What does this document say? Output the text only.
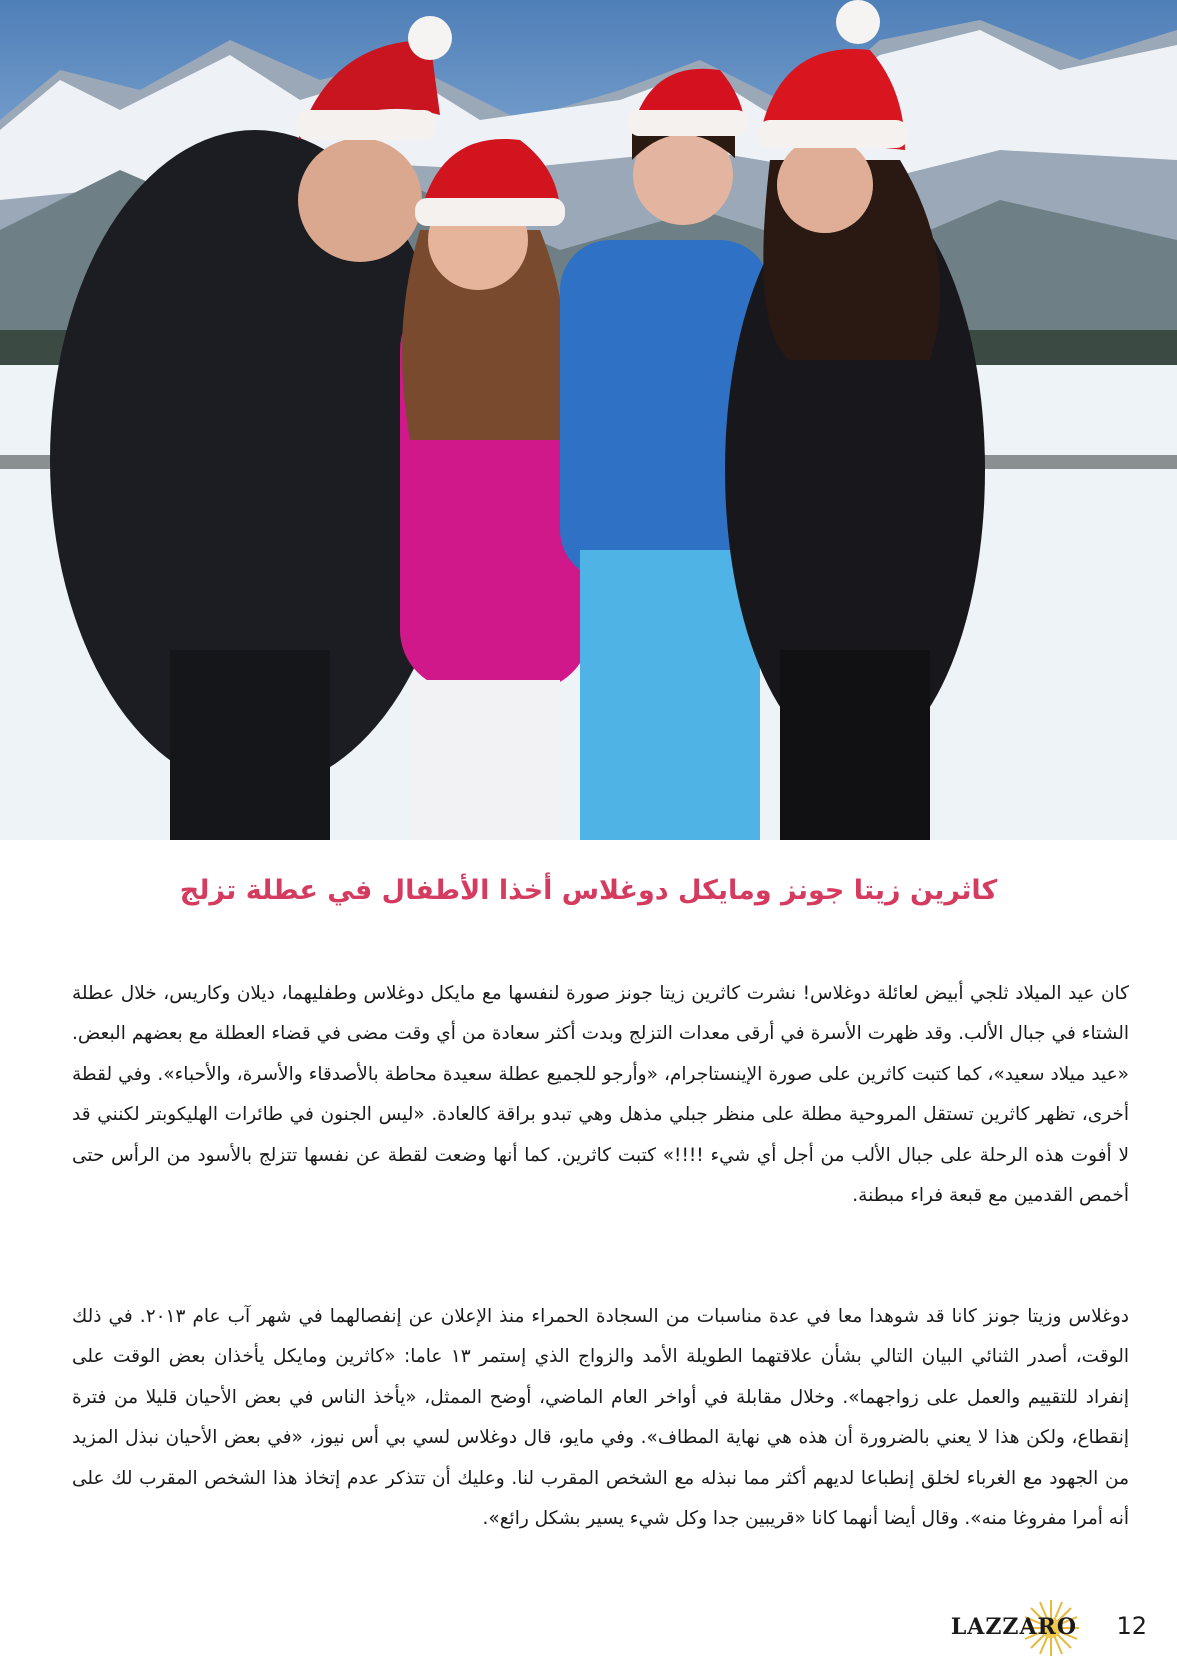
كاثرين زيتا جونز ومايكل دوغلاس أخذا الأطفال في عطلة تزلج

كان عيد الميلاد ثلجي أبيض لعائلة دوغلاس! نشرت كاثرين زيتا جونز صورة لنفسها مع مايكل دوغلاس وطفليهما، ديلان وكاريس، خلال عطلة الشتاء في جبال الألب. وقد ظهرت الأسرة في أرقى معدات التزلج وبدت أكثر سعادة من أي وقت مضى في قضاء العطلة مع بعضهم البعض. «عيد ميلاد سعيد»، كما كتبت كاثرين على صورة الإينستاجرام، «وأرجو للجميع عطلة سعيدة محاطة بالأصدقاء والأسرة، والأحباء». وفي لقطة أخرى، تظهر كاثرين تستقل المروحية مطلة على منظر جبلي مذهل وهي تبدو براقة كالعادة. «ليس الجنون في طائرات الهليكوبتر لكنني قد لا أفوت هذه الرحلة على جبال الألب من أجل أي شيء !!!!» كتبت كاثرين. كما أنها وضعت لقطة عن نفسها تتزلج بالأسود من الرأس حتى أخمص القدمين مع قبعة فراء مبطنة.

دوغلاس وزيتا جونز كانا قد شوهدا معا في عدة مناسبات من السجادة الحمراء منذ الإعلان عن إنفصالهما في شهر آب عام ٢٠١٣. في ذلك الوقت، أصدر الثنائي البيان التالي بشأن علاقتهما الطويلة الأمد والزواج الذي إستمر ١٣ عاما: «كاثرين ومايكل يأخذان بعض الوقت على إنفراد للتقييم والعمل على زواجهما». وخلال مقابلة في أواخر العام الماضي، أوضح الممثل، «يأخذ الناس في بعض الأحيان قليلا من فترة إنقطاع، ولكن هذا لا يعني بالضرورة أن هذه هي نهاية المطاف». وفي مايو، قال دوغلاس لسي بي أس نيوز، «في بعض الأحيان نبذل المزيد من الجهود مع الغرباء لخلق إنطباعا لديهم أكثر مما نبذله مع الشخص المقرب لنا. وعليك أن تتذكر عدم إتخاذ هذا الشخص المقرب لك على أنه أمرا مفروغا منه». وقال أيضا أنهما كانا «قريبين جدا وكل شيء يسير بشكل رائع».

LAZZARO 12
